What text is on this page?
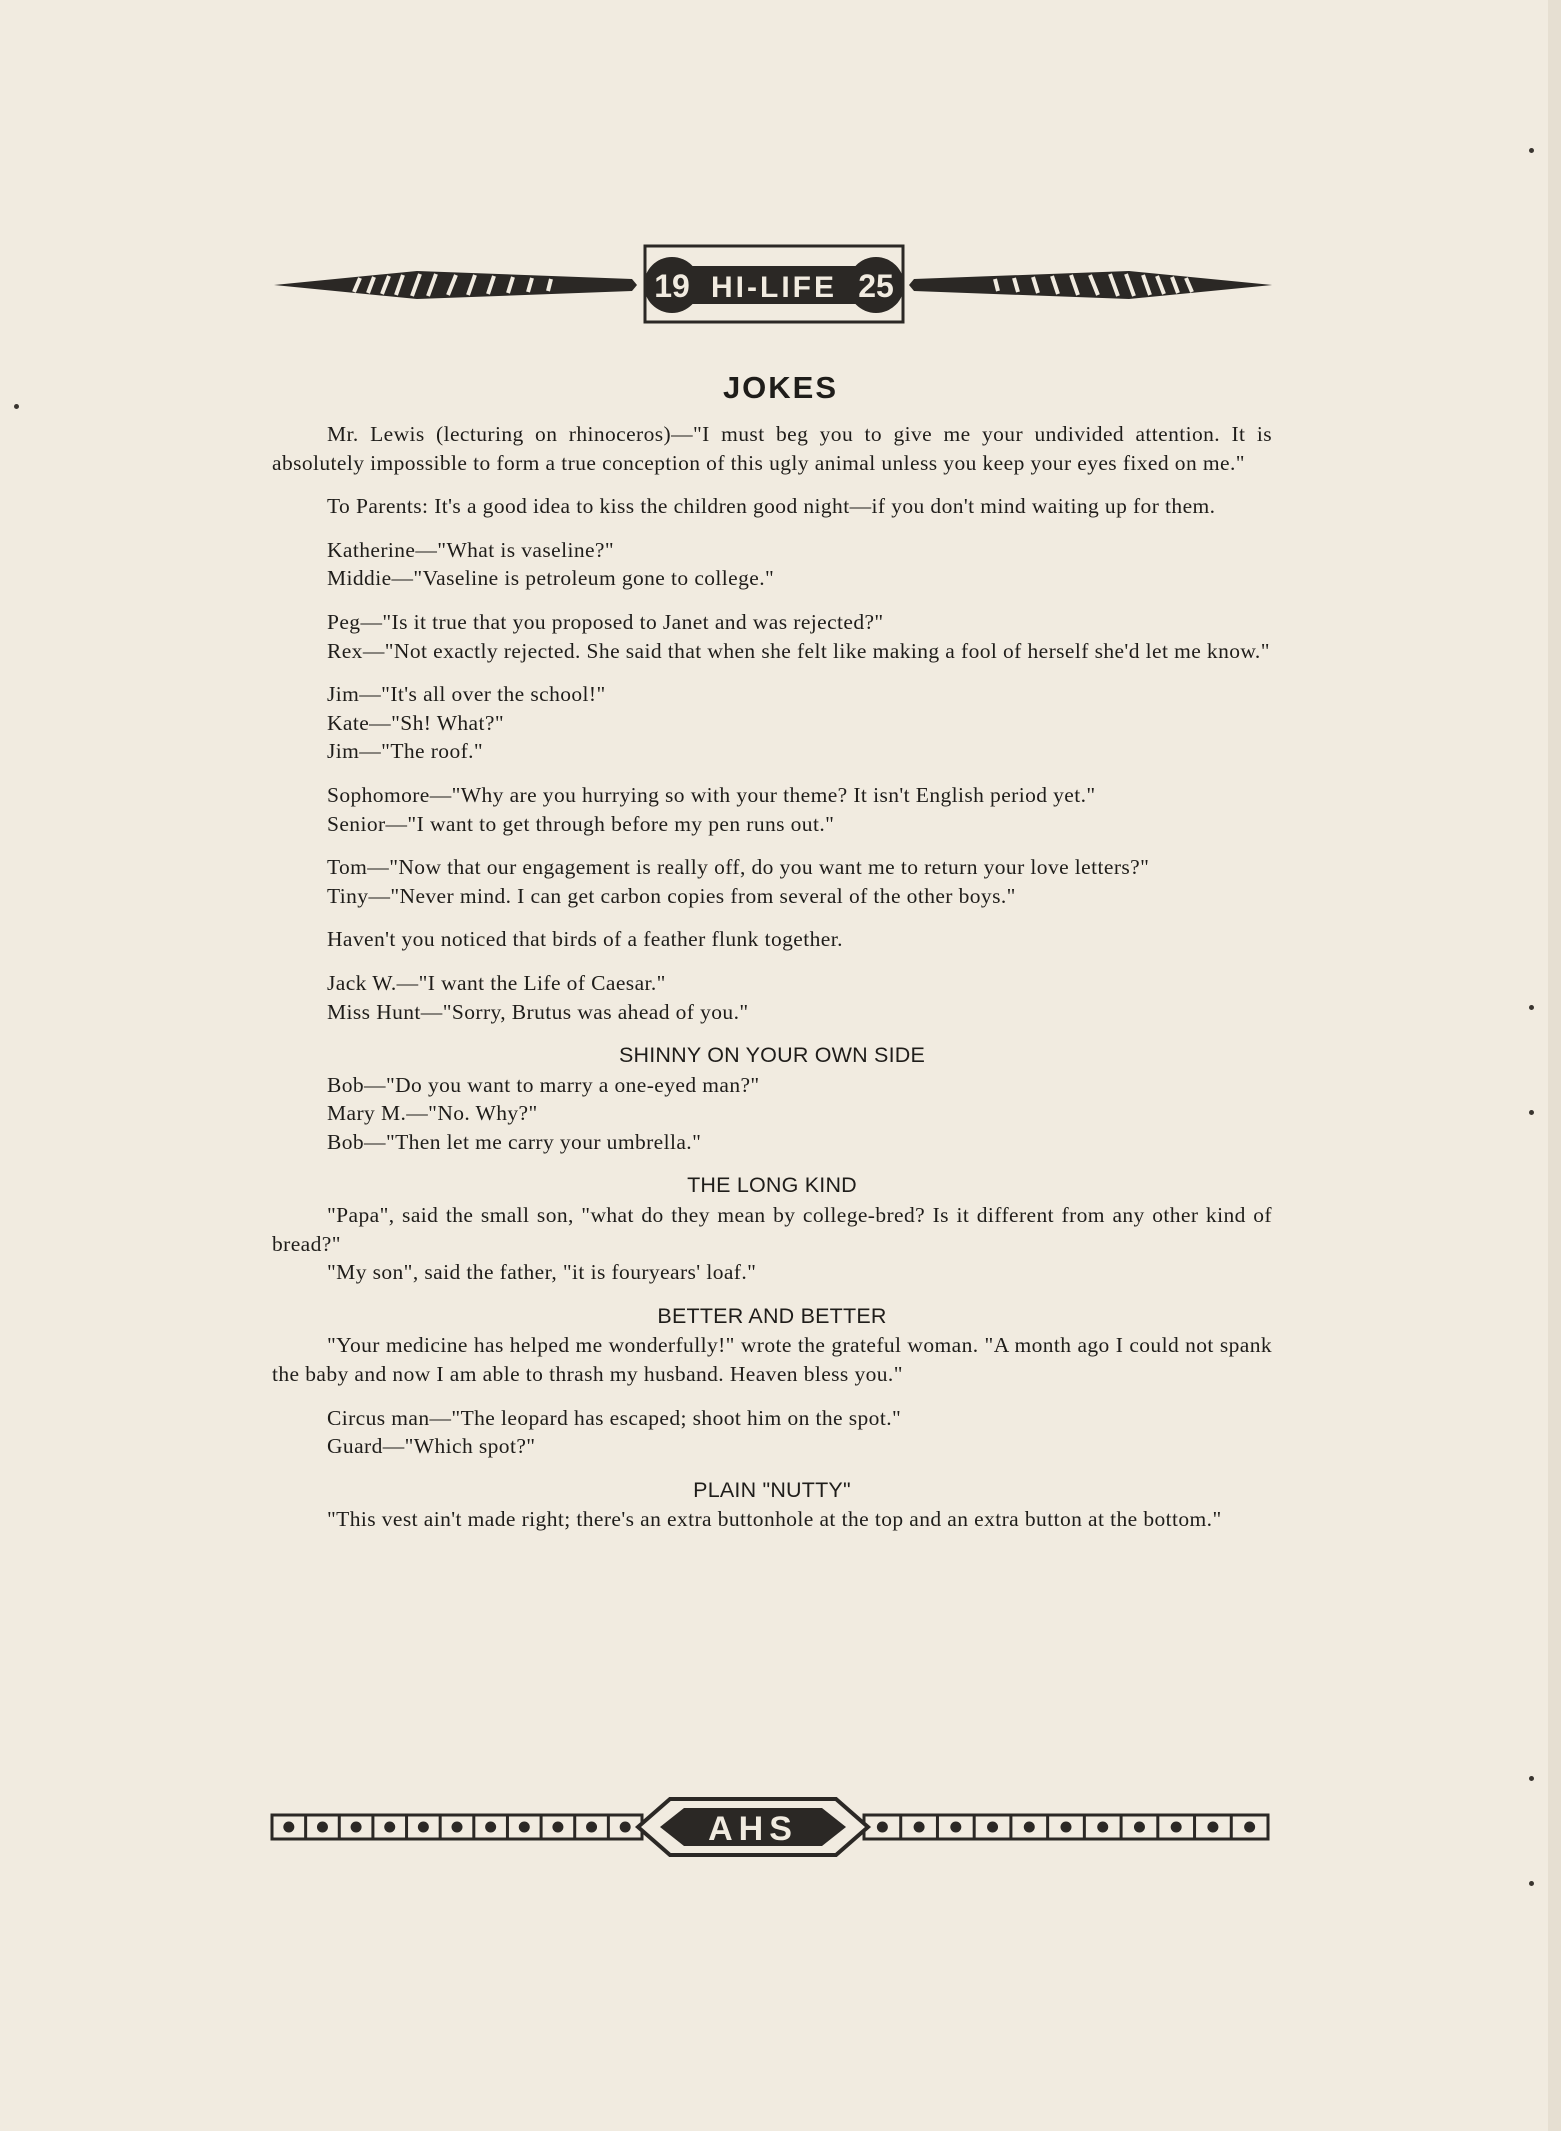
19 HI-LIFE 25
JOKES

Mr. Lewis (lecturing on rhinoceros)—"I must beg you to give me your undivided attention. It is absolutely impossible to form a true conception of this ugly animal unless you keep your eyes fixed on me."

To Parents: It's a good idea to kiss the children good night—if you don't mind waiting up for them.

Katherine—"What is vaseline?"

Middie—"Vaseline is petroleum gone to college."

Peg—"Is it true that you proposed to Janet and was rejected?"

Rex—"Not exactly rejected. She said that when she felt like making a fool of herself she'd let me know."

Jim—"It's all over the school!"

Kate—"Sh! What?"

Jim—"The roof."

Sophomore—"Why are you hurrying so with your theme? It isn't English period yet."

Senior—"I want to get through before my pen runs out."

Tom—"Now that our engagement is really off, do you want me to return your love letters?"

Tiny—"Never mind. I can get carbon copies from several of the other boys."

Haven't you noticed that birds of a feather flunk together.

Jack W.—"I want the Life of Caesar."

Miss Hunt—"Sorry, Brutus was ahead of you."

SHINNY ON YOUR OWN SIDE

Bob—"Do you want to marry a one-eyed man?"

Mary M.—"No. Why?"

Bob—"Then let me carry your umbrella."

THE LONG KIND

"Papa", said the small son, "what do they mean by college-bred? Is it different from any other kind of bread?"

"My son", said the father, "it is fouryears' loaf."

BETTER AND BETTER

"Your medicine has helped me wonderfully!" wrote the grateful woman. "A month ago I could not spank the baby and now I am able to thrash my husband. Heaven bless you."

Circus man—"The leopard has escaped; shoot him on the spot."

Guard—"Which spot?"

PLAIN "NUTTY"

"This vest ain't made right; there's an extra buttonhole at the top and an extra button at the bottom."

AHS
